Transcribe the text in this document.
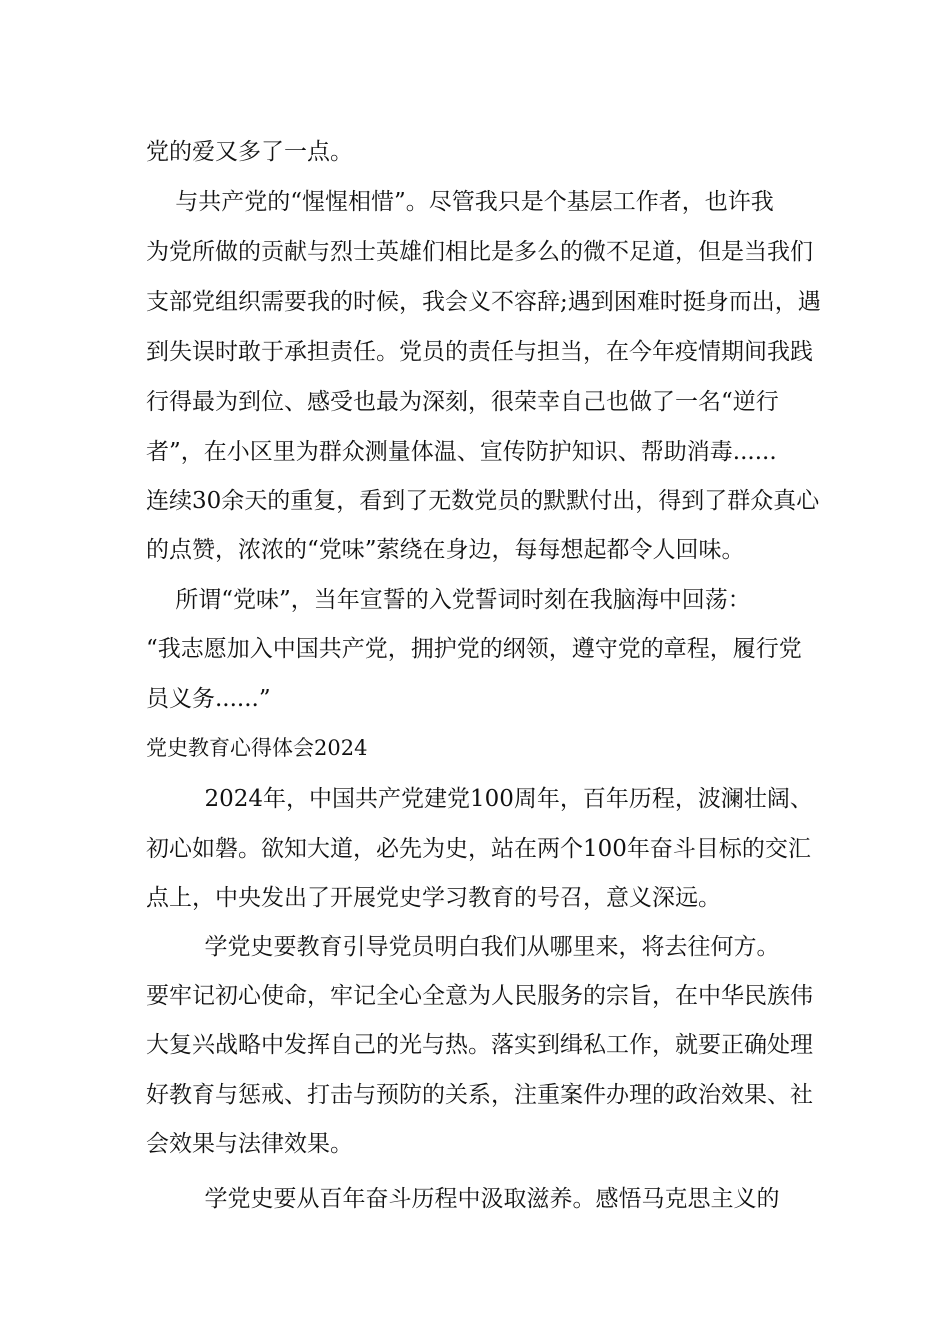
党的爱又多了一点。
与共产党的“惺惺相惜”。尽管我只是个基层工作者，也许我
为党所做的贡献与烈士英雄们相比是多么的微不足道，但是当我们
支部党组织需要我的时候，我会义不容辞;遇到困难时挺身而出，遇
到失误时敢于承担责任。党员的责任与担当，在今年疫情期间我践
行得最为到位、感受也最为深刻，很荣幸自己也做了一名“逆行
者”，在小区里为群众测量体温、宣传防护知识、帮助消毒......
连续30余天的重复，看到了无数党员的默默付出，得到了群众真心
的点赞，浓浓的“党味”萦绕在身边，每每想起都令人回味。
所谓“党味”，当年宣誓的入党誓词时刻在我脑海中回荡：
“我志愿加入中国共产党，拥护党的纲领，遵守党的章程，履行党
员义务......”
党史教育心得体会2024
2024年，中国共产党建党100周年，百年历程，波澜壮阔、
初心如磐。欲知大道，必先为史，站在两个100年奋斗目标的交汇
点上，中央发出了开展党史学习教育的号召，意义深远。
学党史要教育引导党员明白我们从哪里来，将去往何方。
要牢记初心使命，牢记全心全意为人民服务的宗旨，在中华民族伟
大复兴战略中发挥自己的光与热。落实到缉私工作，就要正确处理
好教育与惩戒、打击与预防的关系，注重案件办理的政治效果、社
会效果与法律效果。
学党史要从百年奋斗历程中汲取滋养。感悟马克思主义的
